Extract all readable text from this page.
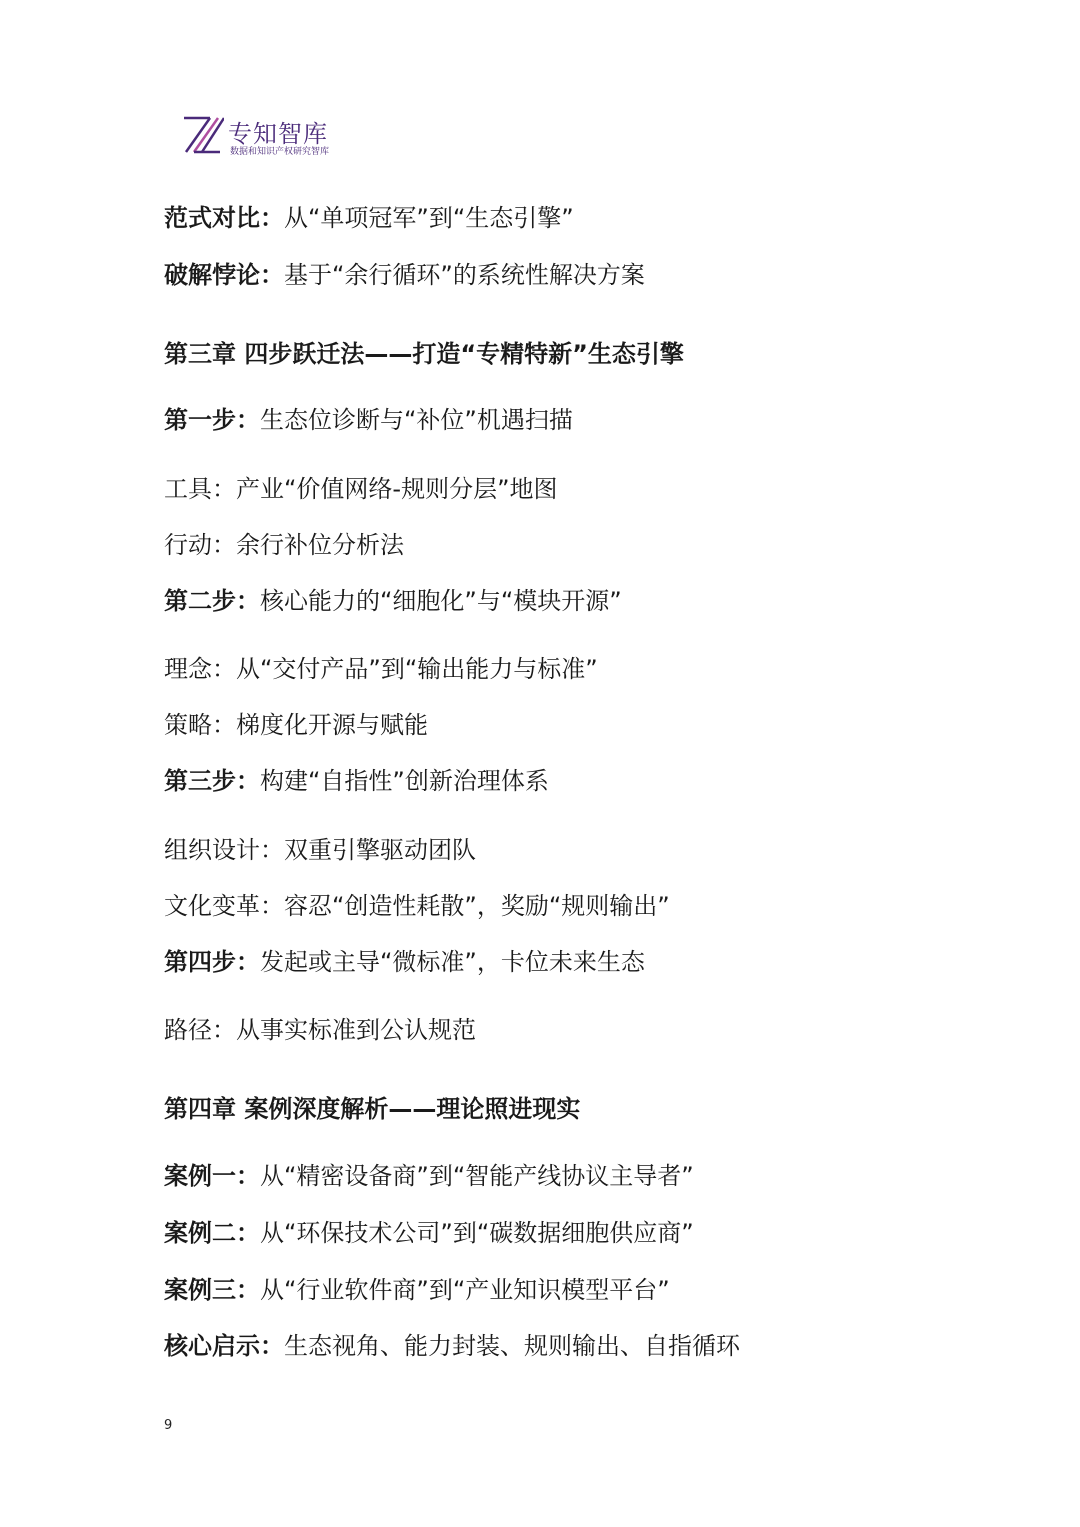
专知智库
数据和知识产权研究智库
范式对比：从“单项冠军”到“生态引擎”
破解悖论：基于“余行循环”的系统性解决方案
第三章 四步跃迁法——打造“专精特新”生态引擎
第一步：生态位诊断与“补位”机遇扫描
工具：产业“价值网络-规则分层”地图
行动：余行补位分析法
第二步：核心能力的“细胞化”与“模块开源”
理念：从“交付产品”到“输出能力与标准”
策略：梯度化开源与赋能
第三步：构建“自指性”创新治理体系
组织设计：双重引擎驱动团队
文化变革：容忍“创造性耗散”，奖励“规则输出”
第四步：发起或主导“微标准”，卡位未来生态
路径：从事实标准到公认规范
第四章 案例深度解析——理论照进现实
案例一：从“精密设备商”到“智能产线协议主导者”
案例二：从“环保技术公司”到“碳数据细胞供应商”
案例三：从“行业软件商”到“产业知识模型平台”
核心启示：生态视角、能力封装、规则输出、自指循环
9
